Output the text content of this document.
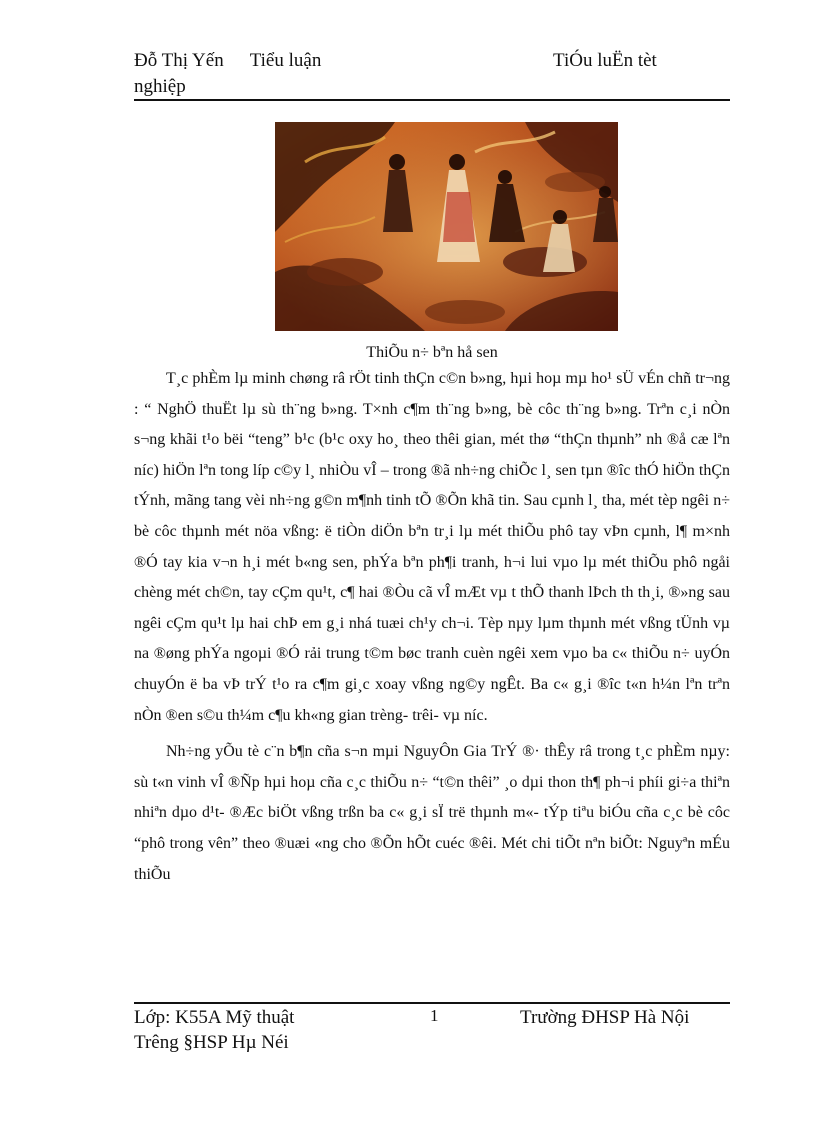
Đỗ Thị Yến Tiểu luận
nghiệp
TiÓu luËn tèt
ThiÕu n÷ bªn hå sen

T¸c phÈm lµ minh chøng râ rÖt tinh thÇn c©n b»ng, hµi hoµ mµ ho¹ sÜ vÉn chñ tr¬ng : “ NghÖ thuËt lµ sù th¨ng b»ng. T×nh c¶m th¨ng b»ng, bè côc th¨ng b»ng. Trªn c¸i nÒn s¬ng khãi t¹o bëi “teng” b¹c (b¹c oxy ho¸ theo thêi gian, mét thø “thÇn thµnh” nh ®å cæ lªn níc) hiÖn lªn tong líp c©y l¸ nhiÒu vÎ – trong ®ã nh÷ng chiÕc l¸ sen tµn ®îc thÓ hiÖn thÇn tÝnh, mãng tang vèi nh÷ng g©n m¶nh tinh tÕ ®Õn khã tin. Sau cµnh l¸ tha, mét tèp ngêi n÷ bè côc thµnh mét nöa vßng: ë tiÒn diÖn bªn tr¸i lµ mét thiÕu phô tay vÞn cµnh, l¶ m×nh ®Ó tay kia v¬n h¸i mét b«ng sen, phÝa bªn ph¶i tranh, h¬i lui vµo lµ mét thiÕu phô ngåi chèng mét ch©n, tay cÇm qu¹t, c¶ hai ®Òu cã vÎ mÆt vµ t thÕ thanh lÞch th th¸i, ®»ng sau ngêi cÇm qu¹t lµ hai chÞ em g¸i nhá tuæi ch¹y ch¬i. Tèp nµy lµm thµnh mét vßng tÜnh vµ na ®øng phÝa ngoµi ®Ó rải trung t©m bøc tranh cuèn ngêi xem vµo ba c« thiÕu n÷ uyÓn chuyÓn ë ba vÞ trÝ t¹o ra c¶m gi¸c xoay vßng ng©y ngÊt. Ba c« g¸i ®îc t«n h¼n lªn trªn nÒn ®en s©u th¼m c¶u kh«ng gian trèng- trêi- vµ níc.

Nh÷ng yÕu tè c¨n b¶n cña s¬n mµi NguyÔn Gia TrÝ ®· thÊy râ trong t¸c phÈm nµy: sù t«n vinh vÎ ®Ñp hµi hoµ cña c¸c thiÕu n÷ “t©n thêi” ¸o dµi thon th¶ ph¬i phíi gi÷a thiªn nhiªn dµo d¹t- ®Æc biÖt vßng trßn ba c« g¸i sÏ trë thµnh m«- tÝp tiªu biÓu cña c¸c bè côc “phô trong vên” theo ®uæi «ng cho ®Õn hÕt cuéc ®êi. Mét chi tiÕt nªn biÕt: Nguyªn mÉu thiÕu

Lớp: K55A Mỹ thuật
Trêng §HSP Hµ Néi
1	Trường ĐHSP Hà Nội
